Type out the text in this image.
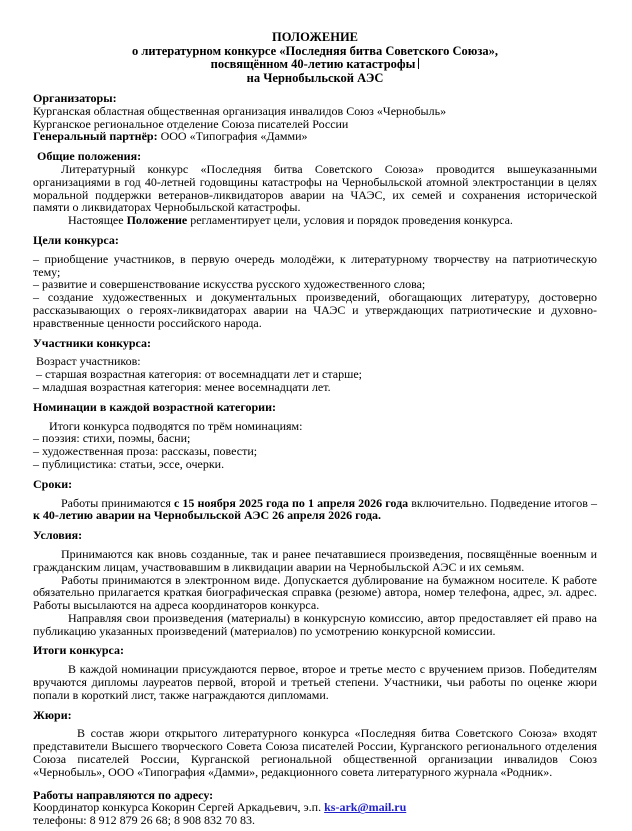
ПОЛОЖЕНИЕ
о литературном конкурсе «Последняя битва Советского Союза»,
посвящённом 40-летию катастрофы
на Чернобыльской АЭС
Организаторы:
Курганская областная общественная организация инвалидов Союз «Чернобыль»
Курганское региональное отделение Союза писателей России
Генеральный партнёр: ООО «Типография «Дамми»
Общие положения:
Литературный конкурс «Последняя битва Советского Союза» проводится вышеуказанными организациями в год 40-летней годовщины катастрофы на Чернобыльской атомной электростанции в целях моральной поддержки ветеранов-ликвидаторов аварии на ЧАЭС, их семей и сохранения исторической памяти о ликвидаторах Чернобыльской катастрофы.
Настоящее Положение регламентирует цели, условия и порядок проведения конкурса.
Цели конкурса:
– приобщение участников, в первую очередь молодёжи, к литературному творчеству на патриотическую тему;
– развитие и совершенствование искусства русского художественного слова;
– создание художественных и документальных произведений, обогащающих литературу, достоверно рассказывающих о героях-ликвидаторах аварии на ЧАЭС и утверждающих патриотические и духовно-нравственные ценности российского народа.
Участники конкурса:
Возраст участников:
– старшая возрастная категория: от восемнадцати лет и старше;
– младшая возрастная категория: менее восемнадцати лет.
Номинации в каждой возрастной категории:
Итоги конкурса подводятся по трём номинациям:
– поэзия: стихи, поэмы, басни;
– художественная проза: рассказы, повести;
– публицистика: статьи, эссе, очерки.
Сроки:
Работы принимаются с 15 ноября 2025 года по 1 апреля 2026 года включительно. Подведение итогов – к 40-летию аварии на Чернобыльской АЭС 26 апреля 2026 года.
Условия:
Принимаются как вновь созданные, так и ранее печатавшиеся произведения, посвящённые военным и гражданским лицам, участвовавшим в ликвидации аварии на Чернобыльской АЭС и их семьям.
Работы принимаются в электронном виде. Допускается дублирование на бумажном носителе. К работе обязательно прилагается краткая биографическая справка (резюме) автора, номер телефона, адрес, эл. адрес. Работы высылаются на адреса координаторов конкурса.
Направляя свои произведения (материалы) в конкурсную комиссию, автор предоставляет ей право на публикацию указанных произведений (материалов) по усмотрению конкурсной комиссии.
Итоги конкурса:
В каждой номинации присуждаются первое, второе и третье место с вручением призов. Победителям вручаются дипломы лауреатов первой, второй и третьей степени. Участники, чьи работы по оценке жюри попали в короткий лист, также награждаются дипломами.
Жюри:
В состав жюри открытого литературного конкурса «Последняя битва Советского Союза» входят представители Высшего творческого Совета Союза писателей России, Курганского регионального отделения Союза писателей России, Курганской региональной общественной организации инвалидов Союз «Чернобыль», ООО «Типография «Дамми», редакционного совета литературного журнала «Родник».
Работы направляются по адресу:
Координатор конкурса Кокорин Сергей Аркадьевич, э.п. ks-ark@mail.ru
телефоны: 8 912 879 26 68; 8 908 832 70 83.
